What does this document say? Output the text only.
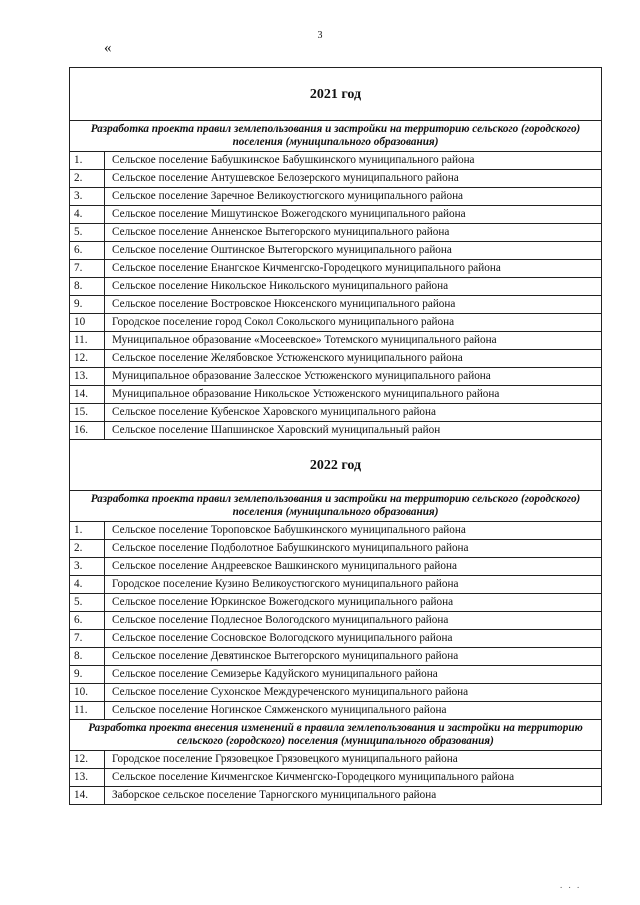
3
«
2021 год	
Разработка проекта правил землепользования и застройки на территорию сельского (городского) поселения (муниципального образования)	
1.	Сельское поселение Бабушкинское Бабушкинского муниципального района
2.	Сельское поселение Антушевское Белозерского муниципального района
3.	Сельское поселение Заречное Великоустюгского муниципального района
4.	Сельское поселение Мишутинское Вожегодского муниципального района
5.	Сельское поселение Анненское Вытегорского муниципального района
6.	Сельское поселение Оштинское Вытегорского муниципального района
7.	Сельское поселение Енангское Кичменгско-Городецкого муниципального района
8.	Сельское поселение Никольское Никольского муниципального района
9.	Сельское поселение Востровское Нюксенского муниципального района
10	Городское поселение город Сокол Сокольского муниципального района
11.	Муниципальное образование «Мосеевское» Тотемского муниципального района
12.	Сельское поселение Желябовское Устюженского муниципального района
13.	Муниципальное образование Залесское Устюженского муниципального района
14.	Муниципальное образование Никольское Устюженского муниципального района
15.	Сельское поселение Кубенское Харовского муниципального района
16.	Сельское поселение Шапшинское Харовский муниципальный район
2022 год	
Разработка проекта правил землепользования и застройки на территорию сельского (городского) поселения (муниципального образования)	
1.	Сельское поселение Тороповское Бабушкинского муниципального района
2.	Сельское поселение Подболотное Бабушкинского муниципального района
3.	Сельское поселение Андреевское Вашкинского муниципального района
4.	Городское поселение Кузино Великоустюгского муниципального района
5.	Сельское поселение Юркинское Вожегодского муниципального района
6.	Сельское поселение Подлесное Вологодского муниципального района
7.	Сельское поселение Сосновское Вологодского муниципального района
8.	Сельское поселение Девятинское Вытегорского муниципального района
9.	Сельское поселение Семизерье Кадуйского муниципального района
10.	Сельское поселение Сухонское Междуреченского муниципального района
11.	Сельское поселение Ногинское Сямженского муниципального района
Разработка проекта внесения изменений в правила землепользования и застройки на территорию сельского (городского) поселения (муниципального образования)	
12.	Городское поселение Грязовецкое Грязовецкого муниципального района
13.	Сельское поселение Кичменгское Кичменгско-Городецкого муниципального района
14.	Заборское сельское поселение Тарногского муниципального района
. . .
